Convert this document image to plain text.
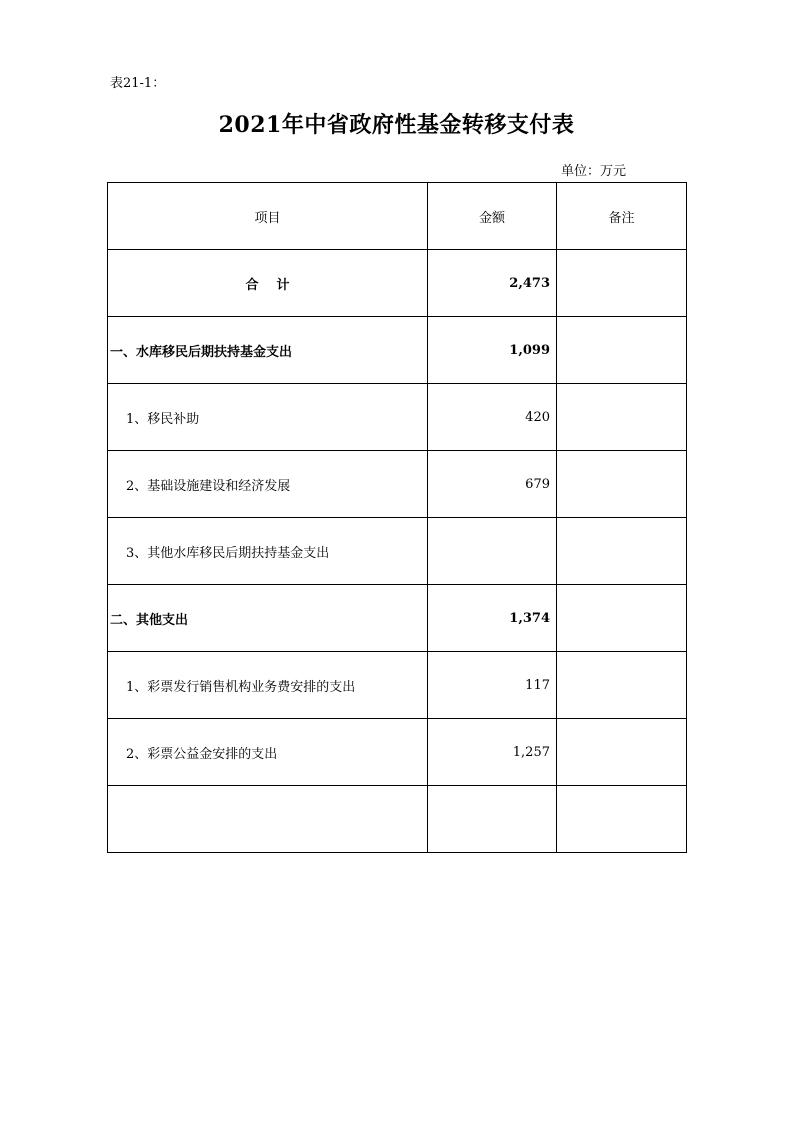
表21-1：
2021年中省政府性基金转移支付表
单位：万元
项目	金额	备注
合    计	2,473	
一、水库移民后期扶持基金支出	1,099	
1、移民补助	420	
2、基础设施建设和经济发展	679	
3、其他水库移民后期扶持基金支出		
二、其他支出	1,374	
1、彩票发行销售机构业务费安排的支出	117	
2、彩票公益金安排的支出	1,257	
